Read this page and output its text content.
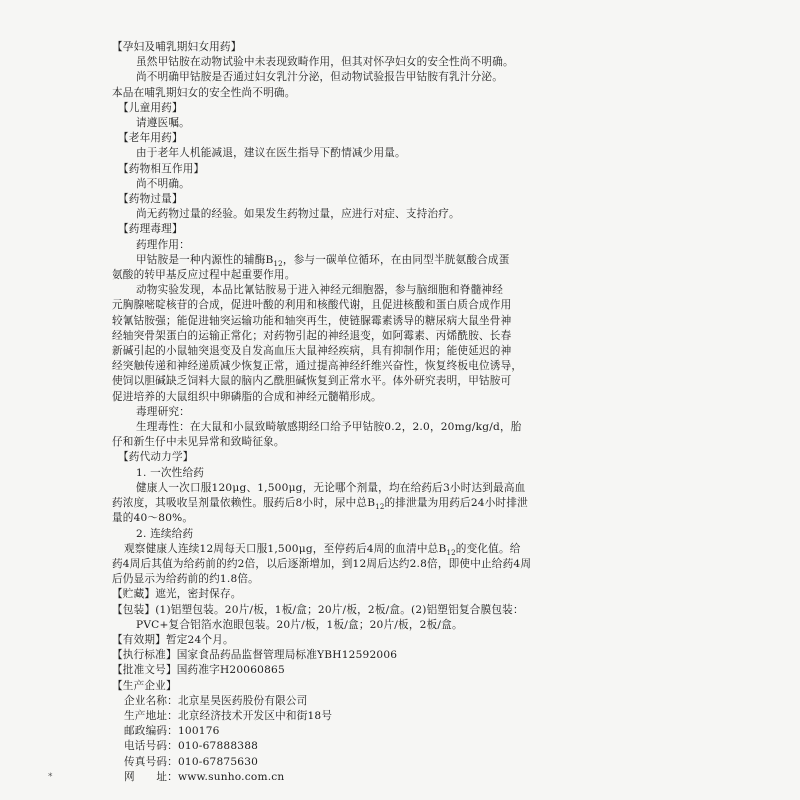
【孕妇及哺乳期妇女用药】
虽然甲钴胺在动物试验中未表现致畸作用，但其对怀孕妇女的安全性尚不明确。
尚不明确甲钴胺是否通过妇女乳汁分泌，但动物试验报告甲钴胺有乳汁分泌。
本品在哺乳期妇女的安全性尚不明确。
【儿童用药】
请遵医嘱。
【老年用药】
由于老年人机能减退，建议在医生指导下酌情减少用量。
【药物相互作用】
尚不明确。
【药物过量】
尚无药物过量的经验。如果发生药物过量，应进行对症、支持治疗。
【药理毒理】
药理作用：
甲钴胺是一种内源性的辅酶$B_{12}$，参与一碳单位循环，在由同型半胱氨酸合成蛋
氨酸的转甲基反应过程中起重要作用。
动物实验发现，本品比氰钴胺易于进入神经元细胞器，参与脑细胞和脊髓神经
元胸腺嘧啶核苷的合成，促进叶酸的利用和核酸代谢，且促进核酸和蛋白质合成作用
较氰钴胺强；能促进轴突运输功能和轴突再生，使链脲霉素诱导的糖尿病大鼠坐骨神
经轴突骨架蛋白的运输正常化；对药物引起的神经退变，如阿霉素、丙烯酰胺、长春
新碱引起的小鼠轴突退变及自发高血压大鼠神经疾病，具有抑制作用；能使延迟的神
经突触传递和神经递质减少恢复正常，通过提高神经纤维兴奋性，恢复终板电位诱导，
使饲以胆碱缺乏饲料大鼠的脑内乙酰胆碱恢复到正常水平。体外研究表明，甲钴胺可
促进培养的大鼠组织中卵磷脂的合成和神经元髓鞘形成。
毒理研究：
生理毒性：在大鼠和小鼠致畸敏感期经口给予甲钴胺0.2，2.0，20mg/kg/d，胎
仔和新生仔中未见异常和致畸征象。
【药代动力学】
1. 一次性给药
健康人一次口服120μg、1,500μg，无论哪个剂量，均在给药后3小时达到最高血
药浓度，其吸收呈剂量依赖性。服药后8小时，尿中总$B_{12}$的排泄量为用药后24小时排泄
量的40～80%。
2. 连续给药
观察健康人连续12周每天口服1,500μg，至停药后4周的血清中总$B_{12}$的变化值。给
药4周后其值为给药前的约2倍，以后逐渐增加，到12周后达约2.8倍，即使中止给药4周
后仍显示为给药前的约1.8倍。
【贮藏】遮光，密封保存。
【包装】(1)铝塑包装。20片/板，1板/盒；20片/板，2板/盒。(2)铝塑铝复合膜包装：
PVC+复合铝箔水泡眼包装。20片/板，1板/盒；20片/板，2板/盒。
【有效期】暂定24个月。
【执行标准】国家食品药品监督管理局标准YBH12592006
【批准文号】国药准字H20060865
【生产企业】
企业名称：北京星昊医药股份有限公司
生产地址：北京经济技术开发区中和街18号
邮政编码：100176
电话号码：010-67888388
传真号码：010-67875630
网　　址：www.sunho.com.cn
*
